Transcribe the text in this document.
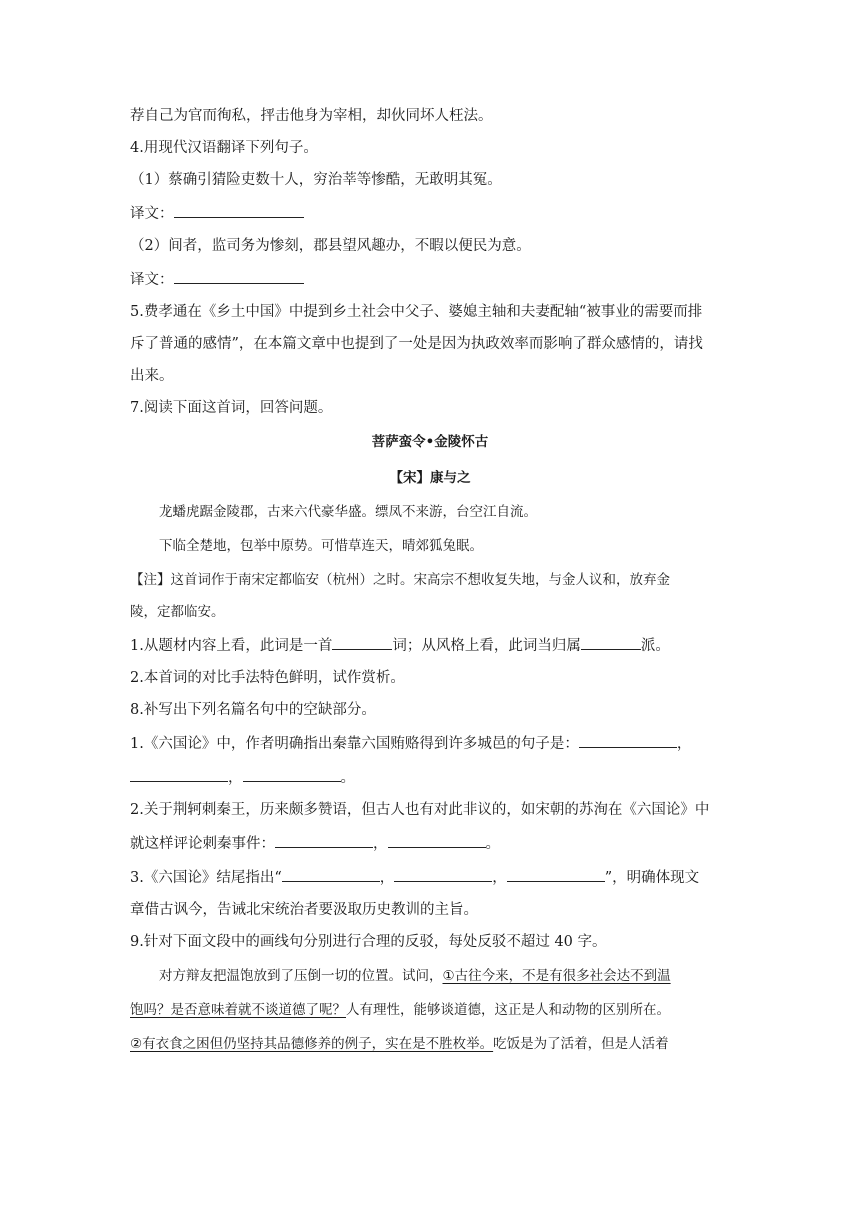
荐自己为官而徇私，抨击他身为宰相，却伙同坏人枉法。
4.用现代汉语翻译下列句子。
（1）蔡确引猜险吏数十人，穷治莘等惨酷，无敢明其冤。
译文：
（2）间者，监司务为惨刻，郡县望风趣办，不暇以便民为意。
译文：
5.费孝通在《乡土中国》中提到乡土社会中父子、婆媳主轴和夫妻配轴“被事业的需要而排
斥了普通的感情”，在本篇文章中也提到了一处是因为执政效率而影响了群众感情的，请找
出来。
7.阅读下面这首词，回答问题。
菩萨蛮令•金陵怀古
【宋】康与之
龙蟠虎踞金陵郡，古来六代豪华盛。缥凤不来游，台空江自流。
下临全楚地，包举中原势。可惜草连天，晴郊狐兔眠。
【注】这首词作于南宋定都临安（杭州）之时。宋高宗不想收复失地，与金人议和，放弃金
陵，定都临安。
1.从题材内容上看，此词是一首	词；从风格上看，此词当归属	派。
2.本首词的对比手法特色鲜明，试作赏析。
8.补写出下列名篇名句中的空缺部分。
1.《六国论》中，作者明确指出秦靠六国贿赂得到许多城邑的句子是：	，
，	。
2.关于荆轲刺秦王，历来颇多赞语，但古人也有对此非议的，如宋朝的苏洵在《六国论》中
就这样评论刺秦事件：	，	。
3.《六国论》结尾指出“	，	，	”，明确体现文
章借古讽今，告诫北宋统治者要汲取历史教训的主旨。
9.针对下面文段中的画线句分别进行合理的反驳，每处反驳不超过 40 字。
对方辩友把温饱放到了压倒一切的位置。试问，①古往今来，不是有很多社会达不到温
饱吗？是否意味着就不谈道德了呢？人有理性，能够谈道德，这正是人和动物的区别所在。
②有衣食之困但仍坚持其品德修养的例子，实在是不胜枚举。吃饭是为了活着，但是人活着
